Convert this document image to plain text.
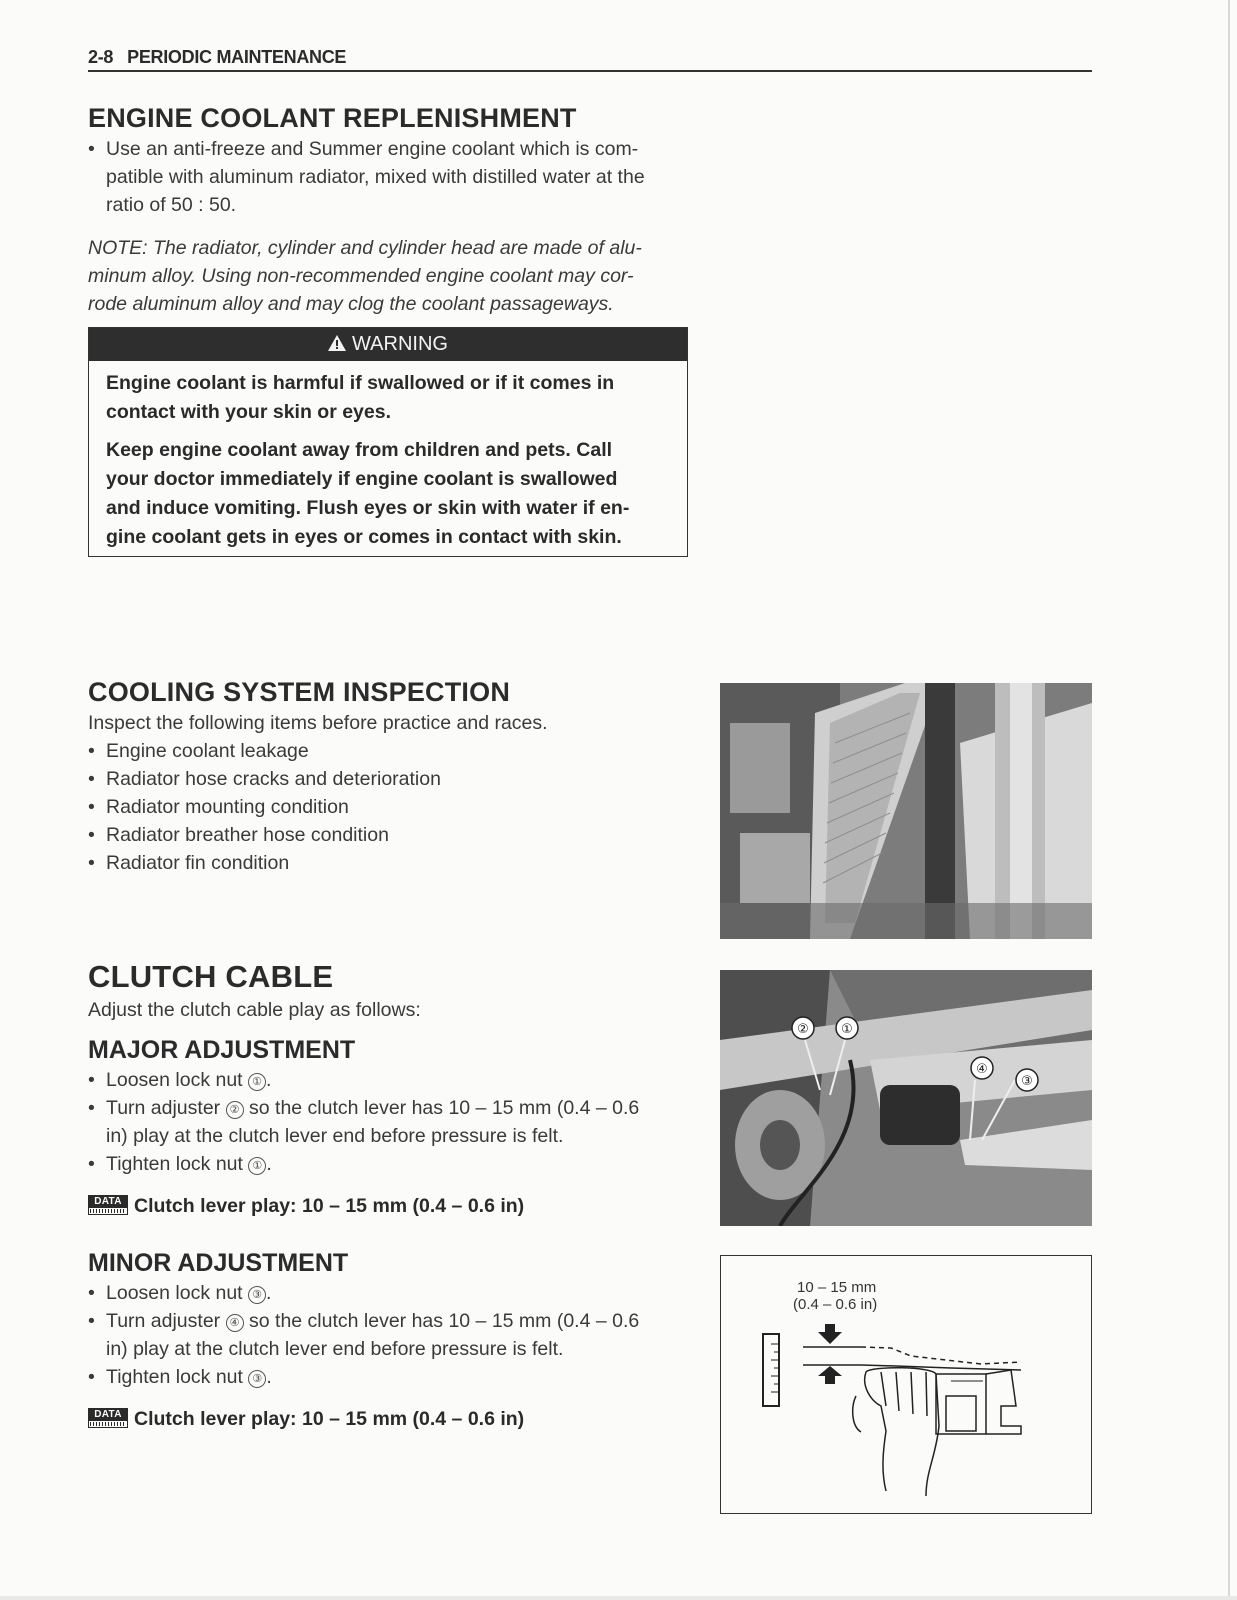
2-8 PERIODIC MAINTENANCE
ENGINE COOLANT REPLENISHMENT
• Use an anti-freeze and Summer engine coolant which is com-
patible with aluminum radiator, mixed with distilled water at the
ratio of 50 : 50.
NOTE: The radiator, cylinder and cylinder head are made of alu-
minum alloy. Using non-recommended engine coolant may cor-
rode aluminum alloy and may clog the coolant passageways.
WARNING
Engine coolant is harmful if swallowed or if it comes in
contact with your skin or eyes.
Keep engine coolant away from children and pets. Call
your doctor immediately if engine coolant is swallowed
and induce vomiting. Flush eyes or skin with water if en-
gine coolant gets in eyes or comes in contact with skin.
COOLING SYSTEM INSPECTION
Inspect the following items before practice and races.
• Engine coolant leakage
• Radiator hose cracks and deterioration
• Radiator mounting condition
• Radiator breather hose condition
• Radiator fin condition
CLUTCH CABLE
Adjust the clutch cable play as follows:
MAJOR ADJUSTMENT
• Loosen lock nut ① .
• Turn adjuster ② so the clutch lever has 10 – 15 mm (0.4 – 0.6
in) play at the clutch lever end before pressure is felt.
• Tighten lock nut ① .
DATA Clutch lever play: 10 – 15 mm (0.4 – 0.6 in)
MINOR ADJUSTMENT
• Loosen lock nut ③ .
• Turn adjuster ④ so the clutch lever has 10 – 15 mm (0.4 – 0.6
in) play at the clutch lever end before pressure is felt.
• Tighten lock nut ③ .
DATA Clutch lever play: 10 – 15 mm (0.4 – 0.6 in)
② ①
④
③
10 – 15 mm
(0.4 – 0.6 in)
